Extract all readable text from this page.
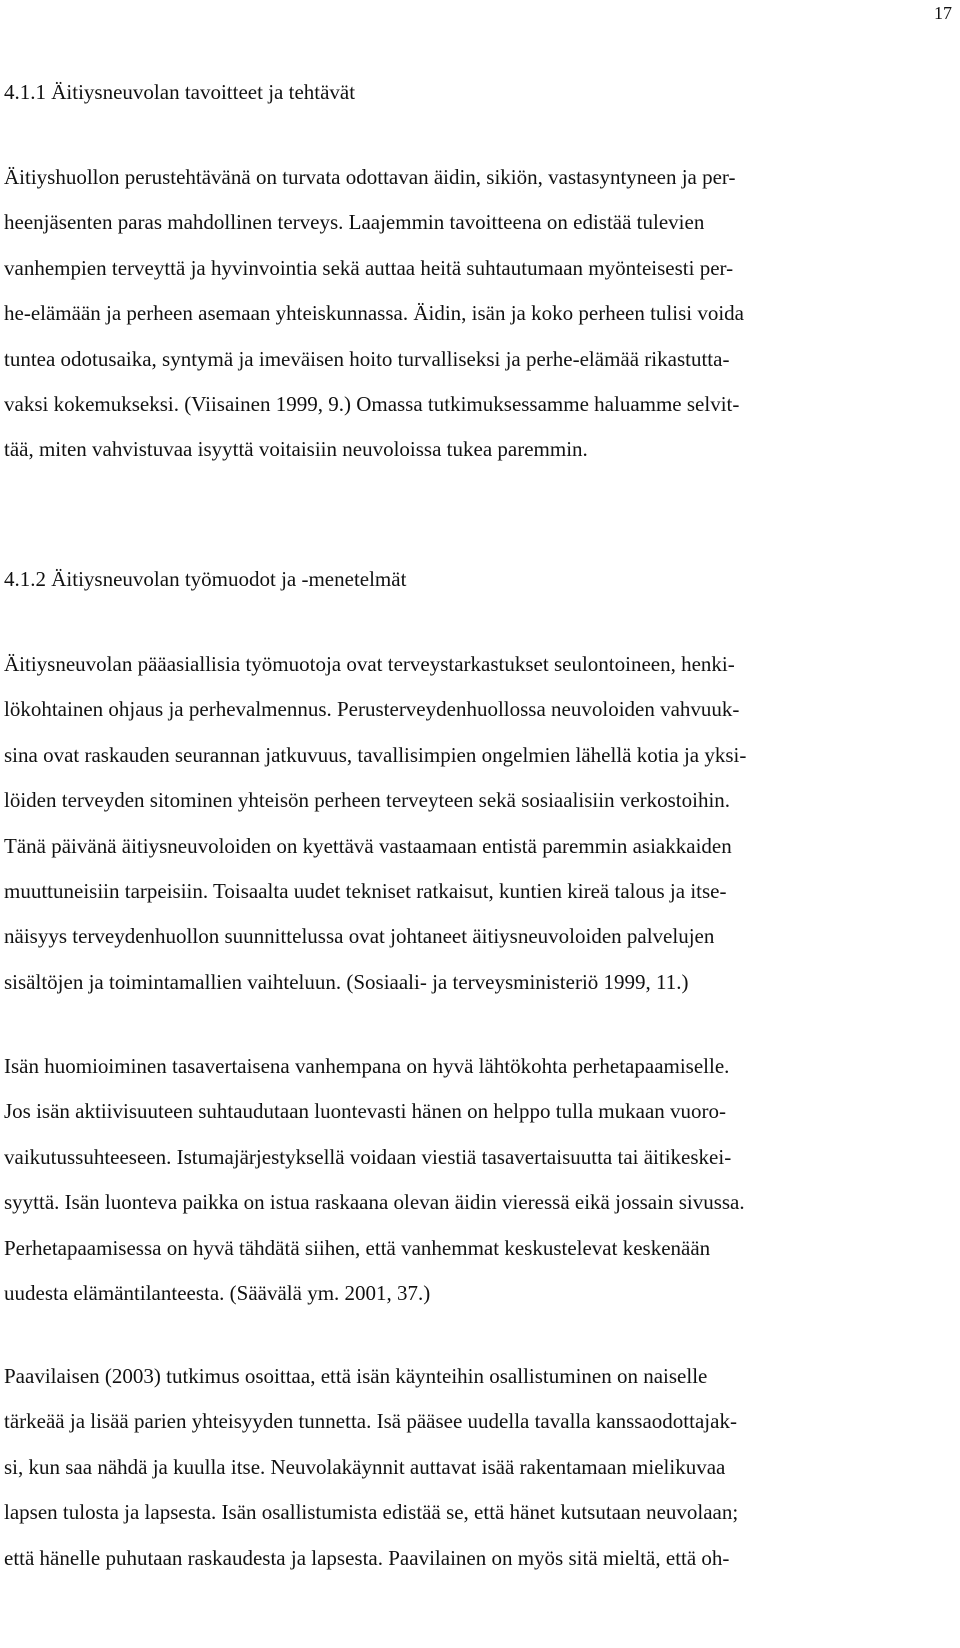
17
4.1.1 Äitiysneuvolan tavoitteet ja tehtävät
Äitiyshuollon perustehtävänä on turvata odottavan äidin, sikiön, vastasyntyneen ja per-
heenjäsenten paras mahdollinen terveys. Laajemmin tavoitteena on edistää tulevien
vanhempien terveyttä ja hyvinvointia sekä auttaa heitä suhtautumaan myönteisesti per-
he-elämään ja perheen asemaan yhteiskunnassa. Äidin, isän ja koko perheen tulisi voida
tuntea odotusaika, syntymä ja imeväisen hoito turvalliseksi ja perhe-elämää rikastutta-
vaksi kokemukseksi. (Viisainen 1999, 9.) Omassa tutkimuksessamme haluamme selvit-
tää, miten vahvistuvaa isyyttä voitaisiin neuvoloissa tukea paremmin.
4.1.2 Äitiysneuvolan työmuodot ja -menetelmät
Äitiysneuvolan pääasiallisia työmuotoja ovat terveystarkastukset seulontoineen, henki-
lökohtainen ohjaus ja perhevalmennus. Perusterveydenhuollossa neuvoloiden vahvuuk-
sina ovat raskauden seurannan jatkuvuus, tavallisimpien ongelmien lähellä kotia ja yksi-
löiden terveyden sitominen yhteisön perheen terveyteen sekä sosiaalisiin verkostoihin.
Tänä päivänä äitiysneuvoloiden on kyettävä vastaamaan entistä paremmin asiakkaiden
muuttuneisiin tarpeisiin. Toisaalta uudet tekniset ratkaisut, kuntien kireä talous ja itse-
näisyys terveydenhuollon suunnittelussa ovat johtaneet äitiysneuvoloiden palvelujen
sisältöjen ja toimintamallien vaihteluun. (Sosiaali- ja terveysministeriö 1999, 11.)
Isän huomioiminen tasavertaisena vanhempana on hyvä lähtökohta perhetapaamiselle.
Jos isän aktiivisuuteen suhtaudutaan luontevasti hänen on helppo tulla mukaan vuoro-
vaikutussuhteeseen. Istumajärjestyksellä voidaan viestiä tasavertaisuutta tai äitikeskei-
syyttä. Isän luonteva paikka on istua raskaana olevan äidin vieressä eikä jossain sivussa.
Perhetapaamisessa on hyvä tähdätä siihen, että vanhemmat keskustelevat keskenään
uudesta elämäntilanteesta. (Säävälä ym. 2001, 37.)
Paavilaisen (2003) tutkimus osoittaa, että isän käynteihin osallistuminen on naiselle
tärkeää ja lisää parien yhteisyyden tunnetta. Isä pääsee uudella tavalla kanssaodottajak-
si, kun saa nähdä ja kuulla itse. Neuvolakäynnit auttavat isää rakentamaan mielikuvaa
lapsen tulosta ja lapsesta. Isän osallistumista edistää se, että hänet kutsutaan neuvolaan;
että hänelle puhutaan raskaudesta ja lapsesta. Paavilainen on myös sitä mieltä, että oh-
